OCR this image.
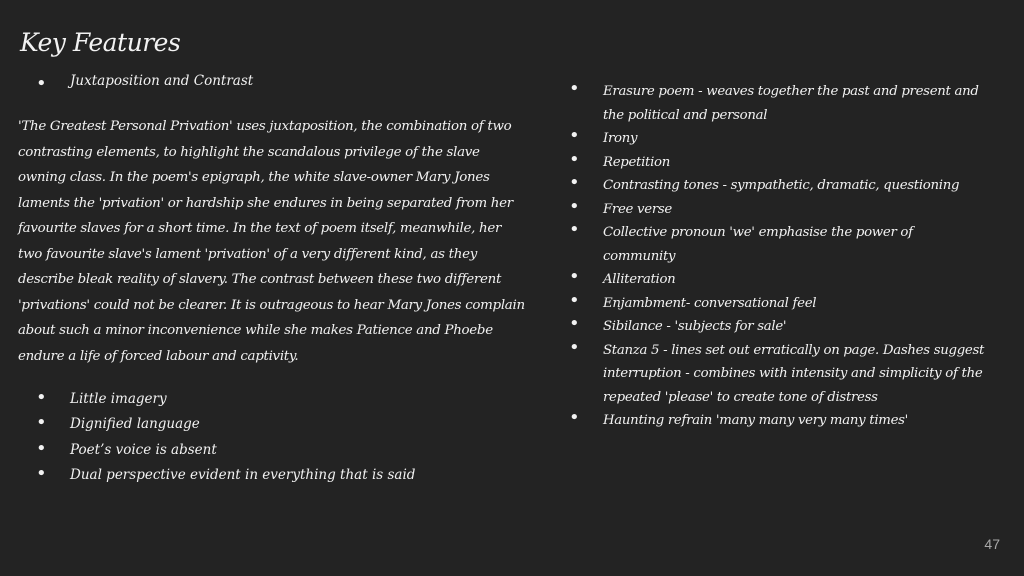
Key Features
• Juxtaposition and Contrast

'The Greatest Personal Privation' uses juxtaposition, the combination of two contrasting elements, to highlight the scandalous privilege of the slave owning class. In the poem's epigraph, the white slave-owner Mary Jones laments the 'privation' or hardship she endures in being separated from her favourite slaves for a short time. In the text of poem itself, meanwhile, her two favourite slave's lament 'privation' of a very different kind, as they describe bleak reality of slavery. The contrast between these two different 'privations' could not be clearer. It is outrageous to hear Mary Jones complain about such a minor inconvenience while she makes Patience and Phoebe endure a life of forced labour and captivity.

• Little imagery
• Dignified language
• Poet’s voice is absent
• Dual perspective evident in everything that is said
• Erasure poem - weaves together the past and present and the political and personal
• Irony
• Repetition
• Contrasting tones - sympathetic, dramatic, questioning
• Free verse
• Collective pronoun 'we' emphasise the power of community
• Alliteration
• Enjambment- conversational feel
• Sibilance - 'subjects for sale'
• Stanza 5 - lines set out erratically on page. Dashes suggest interruption - combines with intensity and simplicity of the repeated 'please' to create tone of distress
• Haunting refrain 'many many very many times'
47
